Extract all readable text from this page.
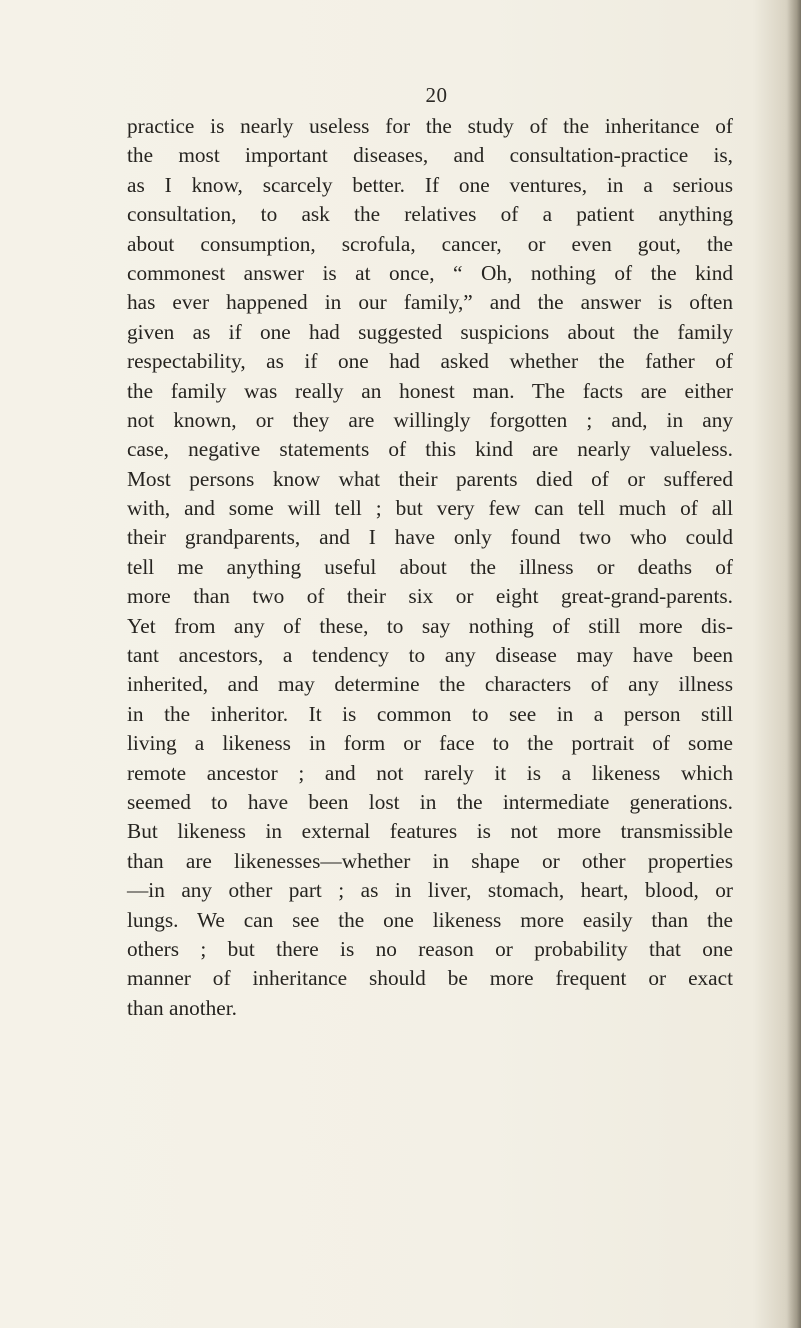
20
practice is nearly useless for the study of the inheritance of
the most important diseases, and consultation-practice is,
as I know, scarcely better. If one ventures, in a serious
consultation, to ask the relatives of a patient anything
about consumption, scrofula, cancer, or even gout, the
commonest answer is at once, “ Oh, nothing of the kind
has ever happened in our family,” and the answer is often
given as if one had suggested suspicions about the family
respectability, as if one had asked whether the father of
the family was really an honest man. The facts are either
not known, or they are willingly forgotten ; and, in any
case, negative statements of this kind are nearly valueless.
Most persons know what their parents died of or suffered
with, and some will tell ; but very few can tell much of all
their grandparents, and I have only found two who could
tell me anything useful about the illness or deaths of
more than two of their six or eight great-grand-parents.
Yet from any of these, to say nothing of still more dis-
tant ancestors, a tendency to any disease may have been
inherited, and may determine the characters of any illness
in the inheritor. It is common to see in a person still
living a likeness in form or face to the portrait of some
remote ancestor ; and not rarely it is a likeness which
seemed to have been lost in the intermediate generations.
But likeness in external features is not more transmissible
than are likenesses—whether in shape or other properties
—in any other part ; as in liver, stomach, heart, blood, or
lungs. We can see the one likeness more easily than the
others ; but there is no reason or probability that one
manner of inheritance should be more frequent or exact
than another.
